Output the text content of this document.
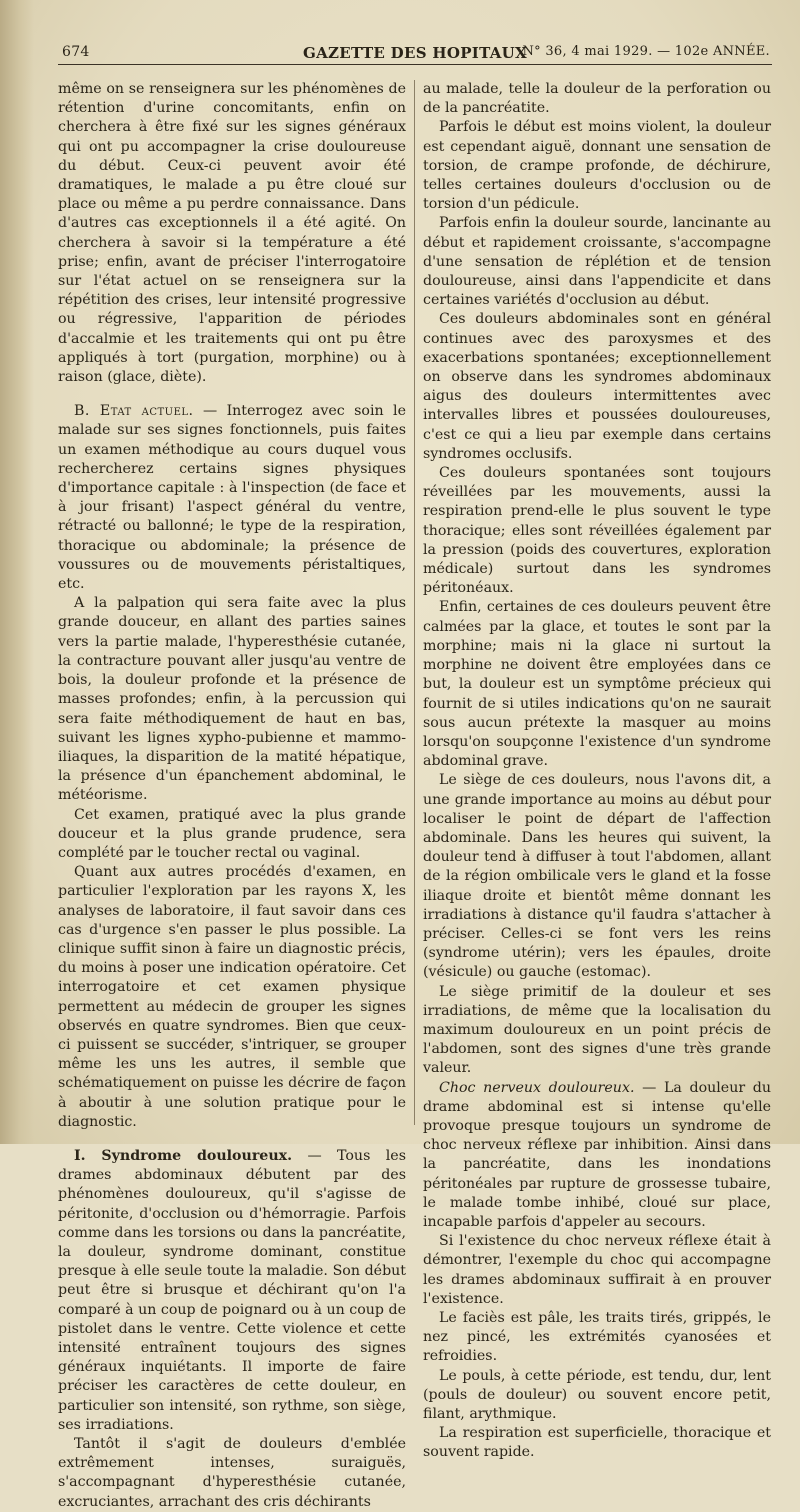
674	GAZETTE DES HOPITAUX
N° 36, 4 mai 1929. — 102e ANNÉE.

même on se renseignera sur les phénomènes de rétention d'urine concomitants, enfin on cherchera à être fixé sur les signes généraux qui ont pu accompagner la crise douloureuse du début. Ceux-ci peuvent avoir été dramatiques, le malade a pu être cloué sur place ou même a pu perdre connaissance. Dans d'autres cas exceptionnels il a été agité. On cherchera à savoir si la température a été prise; enfin, avant de préciser l'interrogatoire sur l'état actuel on se renseignera sur la répétition des crises, leur intensité progressive ou régressive, l'apparition de périodes d'accalmie et les traitements qui ont pu être appliqués à tort (purgation, morphine) ou à raison (glace, diète).

B. Etat actuel. — Interrogez avec soin le malade sur ses signes fonctionnels, puis faites un examen méthodique au cours duquel vous rechercherez certains signes physiques d'importance capitale : à l'inspection (de face et à jour frisant) l'aspect général du ventre, rétracté ou ballonné; le type de la respiration, thoracique ou abdominale; la présence de voussures ou de mouvements péristaltiques, etc.

A la palpation qui sera faite avec la plus grande douceur, en allant des parties saines vers la partie malade, l'hyperesthésie cutanée, la contracture pouvant aller jusqu'au ventre de bois, la douleur profonde et la présence de masses profondes; enfin, à la percussion qui sera faite méthodiquement de haut en bas, suivant les lignes xypho-pubienne et mammo-iliaques, la disparition de la matité hépatique, la présence d'un épanchement abdominal, le météorisme.

Cet examen, pratiqué avec la plus grande douceur et la plus grande prudence, sera complété par le toucher rectal ou vaginal.

Quant aux autres procédés d'examen, en particulier l'exploration par les rayons X, les analyses de laboratoire, il faut savoir dans ces cas d'urgence s'en passer le plus possible. La clinique suffit sinon à faire un diagnostic précis, du moins à poser une indication opératoire. Cet interrogatoire et cet examen physique permettent au médecin de grouper les signes observés en quatre syndromes. Bien que ceux-ci puissent se succéder, s'intriquer, se grouper même les uns les autres, il semble que schématiquement on puisse les décrire de façon à aboutir à une solution pratique pour le diagnostic.

I. Syndrome douloureux. — Tous les drames abdominaux débutent par des phénomènes douloureux, qu'il s'agisse de péritonite, d'occlusion ou d'hémorragie. Parfois comme dans les torsions ou dans la pancréatite, la douleur, syndrome dominant, constitue presque à elle seule toute la maladie. Son début peut être si brusque et déchirant qu'on l'a comparé à un coup de poignard ou à un coup de pistolet dans le ventre. Cette violence et cette intensité entraînent toujours des signes généraux inquiétants. Il importe de faire préciser les caractères de cette douleur, en particulier son intensité, son rythme, son siège, ses irradiations.

Tantôt il s'agit de douleurs d'emblée extrêmement intenses, suraiguës, s'accompagnant d'hyperesthésie cutanée, excruciantes, arrachant des cris déchirants

au malade, telle la douleur de la perforation ou de la pancréatite.

Parfois le début est moins violent, la douleur est cependant aiguë, donnant une sensation de torsion, de crampe profonde, de déchirure, telles certaines douleurs d'occlusion ou de torsion d'un pédicule.

Parfois enfin la douleur sourde, lancinante au début et rapidement croissante, s'accompagne d'une sensation de réplétion et de tension douloureuse, ainsi dans l'appendicite et dans certaines variétés d'occlusion au début.

Ces douleurs abdominales sont en général continues avec des paroxysmes et des exacerbations spontanées; exceptionnellement on observe dans les syndromes abdominaux aigus des douleurs intermittentes avec intervalles libres et poussées douloureuses, c'est ce qui a lieu par exemple dans certains syndromes occlusifs.

Ces douleurs spontanées sont toujours réveillées par les mouvements, aussi la respiration prend-elle le plus souvent le type thoracique; elles sont réveillées également par la pression (poids des couvertures, exploration médicale) surtout dans les syndromes péritonéaux.

Enfin, certaines de ces douleurs peuvent être calmées par la glace, et toutes le sont par la morphine; mais ni la glace ni surtout la morphine ne doivent être employées dans ce but, la douleur est un symptôme précieux qui fournit de si utiles indications qu'on ne saurait sous aucun prétexte la masquer au moins lorsqu'on soupçonne l'existence d'un syndrome abdominal grave.

Le siège de ces douleurs, nous l'avons dit, a une grande importance au moins au début pour localiser le point de départ de l'affection abdominale. Dans les heures qui suivent, la douleur tend à diffuser à tout l'abdomen, allant de la région ombilicale vers le gland et la fosse iliaque droite et bientôt même donnant les irradiations à distance qu'il faudra s'attacher à préciser. Celles-ci se font vers les reins (syndrome utérin); vers les épaules, droite (vésicule) ou gauche (estomac).

Le siège primitif de la douleur et ses irradiations, de même que la localisation du maximum douloureux en un point précis de l'abdomen, sont des signes d'une très grande valeur.

Choc nerveux douloureux. — La douleur du drame abdominal est si intense qu'elle provoque presque toujours un syndrome de choc nerveux réflexe par inhibition. Ainsi dans la pancréatite, dans les inondations péritonéales par rupture de grossesse tubaire, le malade tombe inhibé, cloué sur place, incapable parfois d'appeler au secours.

Si l'existence du choc nerveux réflexe était à démontrer, l'exemple du choc qui accompagne les drames abdominaux suffirait à en prouver l'existence.

Le faciès est pâle, les traits tirés, grippés, le nez pincé, les extrémités cyanosées et refroidies.

Le pouls, à cette période, est tendu, dur, lent (pouls de douleur) ou souvent encore petit, filant, arythmique.

La respiration est superficielle, thoracique et souvent rapide.
